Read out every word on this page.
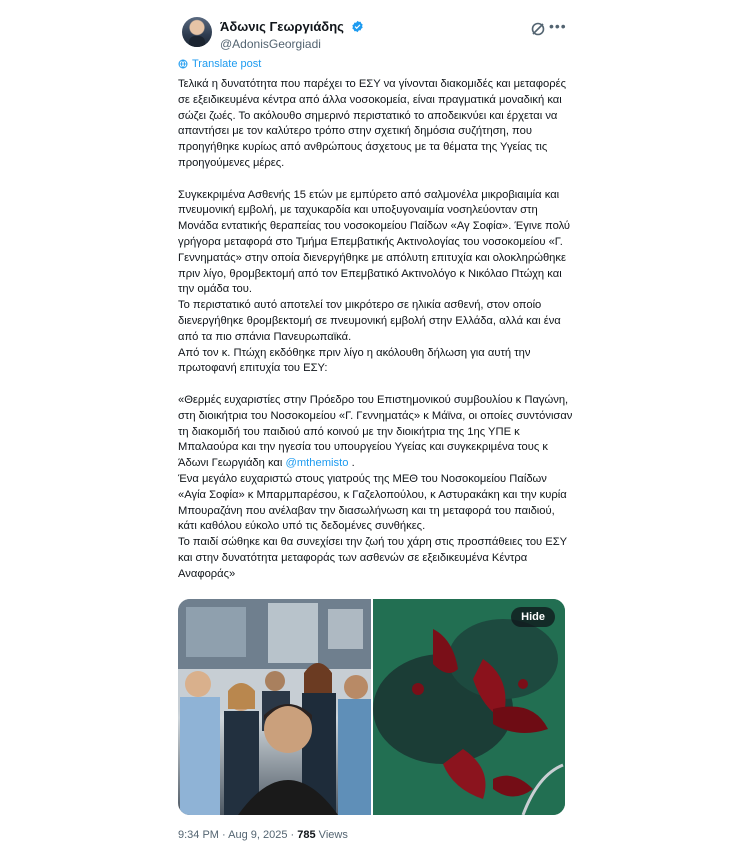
Άδωνις Γεωργιάδης
@AdonisGeorgiadi
•••
Translate post

Τελικά η δυνατότητα που παρέχει το ΕΣΥ να γίνονται διακομιδές και μεταφορές σε εξειδικευμένα κέντρα από άλλα νοσοκομεία, είναι πραγματικά μοναδική και σώζει ζωές. Το ακόλουθο σημερινό περιστατικό το αποδεικνύει και έρχεται να απαντήσει με τον καλύτερο τρόπο στην σχετική δημόσια συζήτηση, που προηγήθηκε κυρίως από ανθρώπους άσχετους με τα θέματα της Υγείας τις προηγούμενες μέρες.

Συγκεκριμένα Ασθενής 15 ετών με εμπύρετο από σαλμονέλα μικροβιαιμία και πνευμονική εμβολή, με ταχυκαρδία και υποξυγοναιμία νοσηλεύονταν στη Μονάδα εντατικής θεραπείας του νοσοκομείου Παίδων «Αγ Σοφία». Έγινε πολύ γρήγορα μεταφορά στο Τμήμα Επεμβατικής Ακτινολογίας του νοσοκομείου «Γ. Γεννηματάς» στην οποία διενεργήθηκε με απόλυτη επιτυχία και ολοκληρώθηκε πριν λίγο, θρομβεκτομή από τον Επεμβατικό Ακτινολόγο κ Νικόλαο Πτώχη και την ομάδα του.

Το περιστατικό αυτό αποτελεί τον μικρότερο σε ηλικία ασθενή, στον οποίο διενεργήθηκε θρομβεκτομή σε πνευμονική εμβολή στην Ελλάδα, αλλά και ένα από τα πιο σπάνια Πανευρωπαϊκά.

Από τον κ. Πτώχη εκδόθηκε πριν λίγο η ακόλουθη δήλωση για αυτή την πρωτοφανή επιτυχία του ΕΣΥ:

«Θερμές ευχαριστίες στην Πρόεδρο του Επιστημονικού συμβουλίου κ Παγώνη, στη διοικήτρια του Νοσοκομείου «Γ. Γεννηματάς» κ Μάϊνα, οι οποίες συντόνισαν τη διακομιδή του παιδιού από κοινού με την διοικήτρια της 1ης ΥΠΕ κ Μπαλαούρα και την ηγεσία του υπουργείου Υγείας και συγκεκριμένα τους κ Άδωνι Γεωργιάδη και @mthemisto .

Ένα μεγάλο ευχαριστώ στους γιατρούς της ΜΕΘ του Νοσοκομείου Παίδων «Αγία Σοφία» κ Μπαρμπαρέσου, κ Γαζελοπούλου, κ Αστυρακάκη και την κυρία Μπουραζάνη που ανέλαβαν την διασωλήνωση και τη μεταφορά του παιδιού, κάτι καθόλου εύκολο υπό τις δεδομένες συνθήκες.

Το παιδί σώθηκε και θα συνεχίσει την ζωή του χάρη στις προσπάθειες του ΕΣΥ και στην δυνατότητα μεταφοράς των ασθενών σε εξειδικευμένα Κέντρα Αναφοράς»

Hide
9:34 PM · Aug 9, 2025 · 785 Views
